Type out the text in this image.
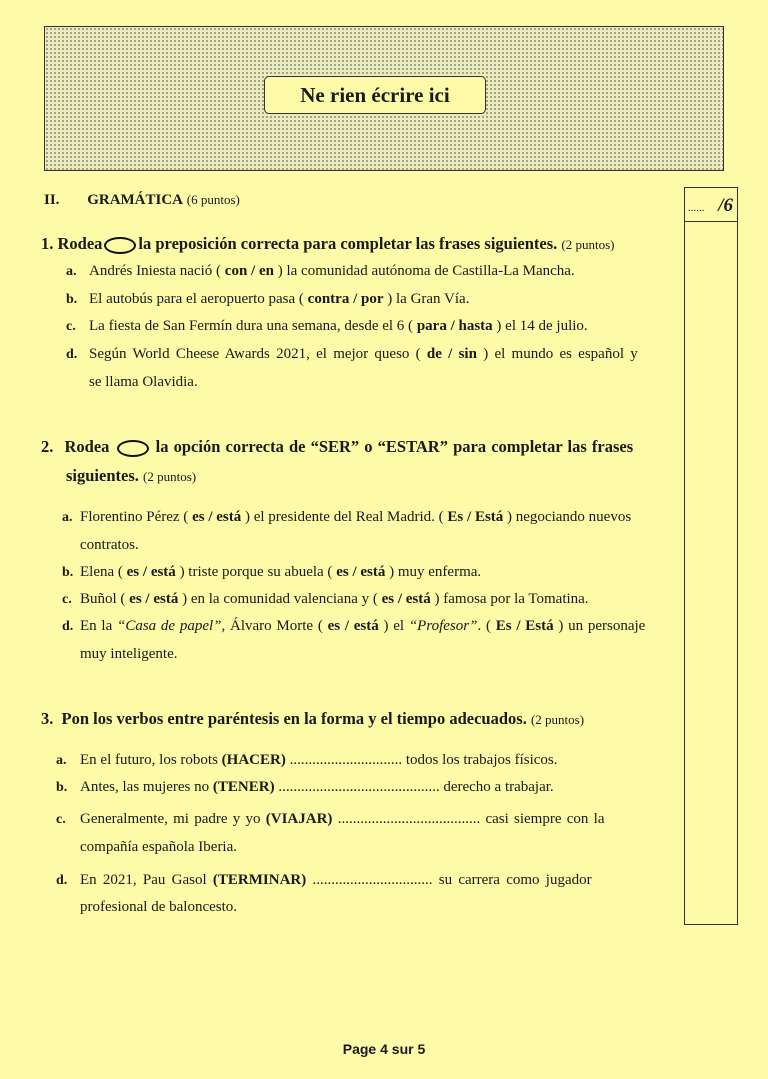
Ne rien écrire ici
...... /6
II. GRAMÁTICA (6 puntos)
1. Rodea la preposición correcta para completar las frases siguientes. (2 puntos)
a. Andrés Iniesta nació ( con / en ) la comunidad autónoma de Castilla-La Mancha.
b. El autobús para el aeropuerto pasa ( contra / por ) la Gran Vía.
c. La fiesta de San Fermín dura una semana, desde el 6 ( para / hasta ) el 14 de julio.
d. Según World Cheese Awards 2021, el mejor queso ( de / sin ) el mundo es español y
se llama Olavidia.
2. Rodea	la opción correcta de “SER” o “ESTAR” para completar las frases
siguientes. (2 puntos)
a. Florentino Pérez ( es / está ) el presidente del Real Madrid. ( Es / Está ) negociando nuevos
contratos.
b. Elena ( es / está ) triste porque su abuela ( es / está ) muy enferma.
c. Buñol ( es / está ) en la comunidad valenciana y ( es / está ) famosa por la Tomatina.
d. En la “Casa de papel”, Álvaro Morte ( es / está ) el “Profesor”. ( Es / Está ) un personaje
muy inteligente.
3. Pon los verbos entre paréntesis en la forma y el tiempo adecuados. (2 puntos)
a. En el futuro, los robots (HACER) .............................. todos los trabajos físicos.
b. Antes, las mujeres no (TENER) ........................................... derecho a trabajar.
c. Generalmente, mi padre y yo (VIAJAR) ...................................... casi siempre con la
compañía española Iberia.
d. En 2021, Pau Gasol (TERMINAR) ................................ su carrera como jugador
profesional de baloncesto.
Page 4 sur 5
